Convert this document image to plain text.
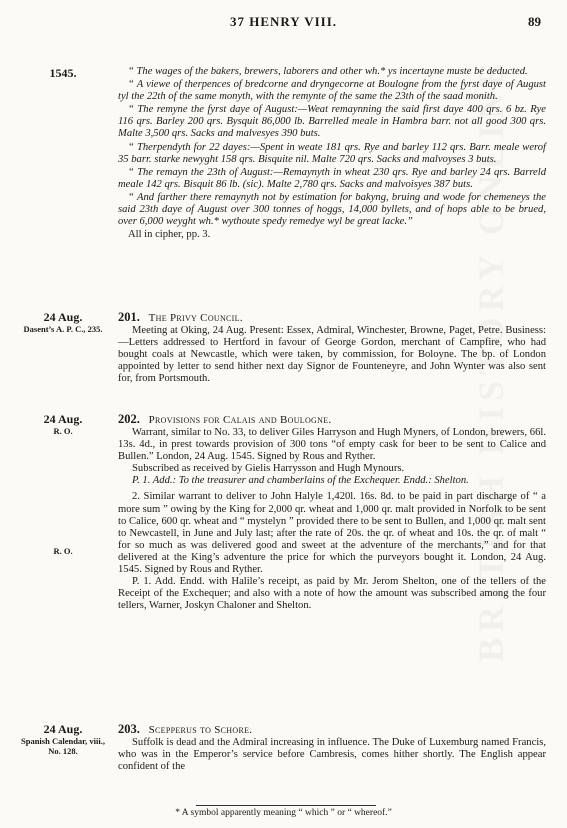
BRITISH HISTORY ONLINE
37 HENRY VIII.	89
1545.	“ The wages of the bakers, brewers, laborers and other wh.* ys incertayne muste be deducted.

“ A viewe of therpences of bredcorne and dryngecorne at Boulogne from the fyrst daye of August tyl the 22th of the same monyth, with the remynte of the same the 23th of the saad monith.

“ The remyne the fyrst daye of August:—Weat remaynning the said first daye 400 qrs. 6 bz. Rye 116 qrs. Barley 200 qrs. Bysquit 86,000 lb. Barrelled meale in Hambra barr. not all good 300 qrs. Malte 3,500 qrs. Sacks and malvesyes 390 buts.

“ Therpendyth for 22 dayes:—Spent in weate 181 qrs. Rye and barley 112 qrs. Barr. meale werof 35 barr. starke newyght 158 qrs. Bisquite nil. Malte 720 qrs. Sacks and malvoyses 3 buts.

“ The remayn the 23th of August:—Remaynyth in wheat 230 qrs. Rye and barley 24 qrs. Barreld meale 142 qrs. Bisquit 86 lb. (sic). Malte 2,780 qrs. Sacks and malvoisyes 387 buts.

“ And farther there remaynyth not by estimation for bakyng, bruing and wode for chemeneys the said 23th daye of August over 300 tonnes of hoggs, 14,000 byllets, and of hops able to be brued, over 6,000 weyght wh.* wythoute spedy remedye wyl be great lacke.”

All in cipher, pp. 3.

24 Aug.
Dasent’s A. P. C., 235.
201. The Privy Council.

Meeting at Oking, 24 Aug. Present: Essex, Admiral, Winchester, Browne, Paget, Petre. Business:—Letters addressed to Hertford in favour of George Gordon, merchant of Campfire, who had bought coals at Newcastle, which were taken, by commission, for Boloyne. The bp. of London appointed by letter to send hither next day Signor de Founteneyre, and John Wynter was also sent for, from Portsmouth.

24 Aug.
R. O.
R. O.
202. Provisions for Calais and Boulogne.

Warrant, similar to No. 33, to deliver Giles Harryson and Hugh Myners, of London, brewers, 66l. 13s. 4d., in prest towards provision of 300 tons “of empty cask for beer to be sent to Calice and Bullen.” London, 24 Aug. 1545. Signed by Rous and Ryther.

Subscribed as received by Gielis Harrysson and Hugh Mynours.

P. 1. Add.: To the treasurer and chamberlains of the Exchequer. Endd.: Shelton.

2. Similar warrant to deliver to John Halyle 1,420l. 16s. 8d. to be paid in part discharge of “ a more sum ” owing by the King for 2,000 qr. wheat and 1,000 qr. malt provided in Norfolk to be sent to Calice, 600 qr. wheat and “ mystelyn ” provided there to be sent to Bullen, and 1,000 qr. malt sent to Newcastell, in June and July last; after the rate of 20s. the qr. of wheat and 10s. the qr. of malt “ for so much as was delivered good and sweet at the adventure of the merchants,” and for that delivered at the King’s adventure the price for which the purveyors bought it. London, 24 Aug. 1545. Signed by Rous and Ryther.

P. 1. Add. Endd. with Halile’s receipt, as paid by Mr. Jerom Shelton, one of the tellers of the Receipt of the Exchequer; and also with a note of how the amount was subscribed among the four tellers, Warner, Joskyn Chaloner and Shelton.

24 Aug.
Spanish Calendar, viii., No. 128.
203. Scepperus to Schore.

Suffolk is dead and the Admiral increasing in influence. The Duke of Luxemburg named Francis, who was in the Emperor’s service before Cambresis, comes hither shortly. The English appear confident of the

* A symbol apparently meaning “ which ” or “ whereof.”
